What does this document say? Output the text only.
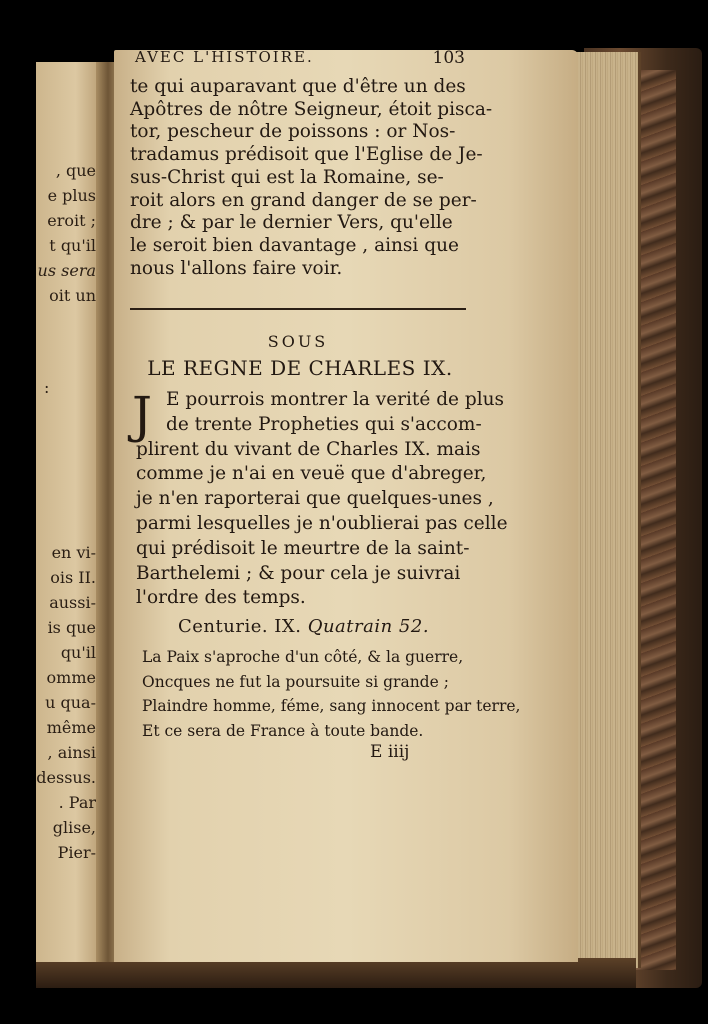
, que
e plus
eroit ;
t qu'il
us sera
oit un
:
en vi-
ois II.
aussi-
is que
qu'il
omme
u qua-
même
, ainsi
dessus.
. Par
glise,
Pier-
AVEC L'HISTOIRE.	103
te qui auparavant que d'être un des
Apôtres de nôtre Seigneur, étoit pisca-
tor, pescheur de poissons : or Nos-
tradamus prédisoit que l'Eglise de Je-
sus-Christ qui est la Romaine, se-
roit alors en grand danger de se per-
dre ; & par le dernier Vers, qu'elle
le seroit bien davantage , ainsi que
nous l'allons faire voir.
SOUS
LE REGNE DE CHARLES IX.
J E pourrois montrer la verité de plus
de trente Propheties qui s'accom-
plirent du vivant de Charles IX. mais
comme je n'ai en veuë que d'abreger,
je n'en raporterai que quelques-unes ,
parmi lesquelles je n'oublierai pas celle
qui prédisoit le meurtre de la saint-
Barthelemi ; & pour cela je suivrai
l'ordre des temps.
Centurie. IX. Quatrain 52.
La Paix s'aproche d'un côté, & la guerre,
Oncques ne fut la poursuite si grande ;
Plaindre homme, féme, sang innocent par terre,
Et ce sera de France à toute bande.
E iiij
